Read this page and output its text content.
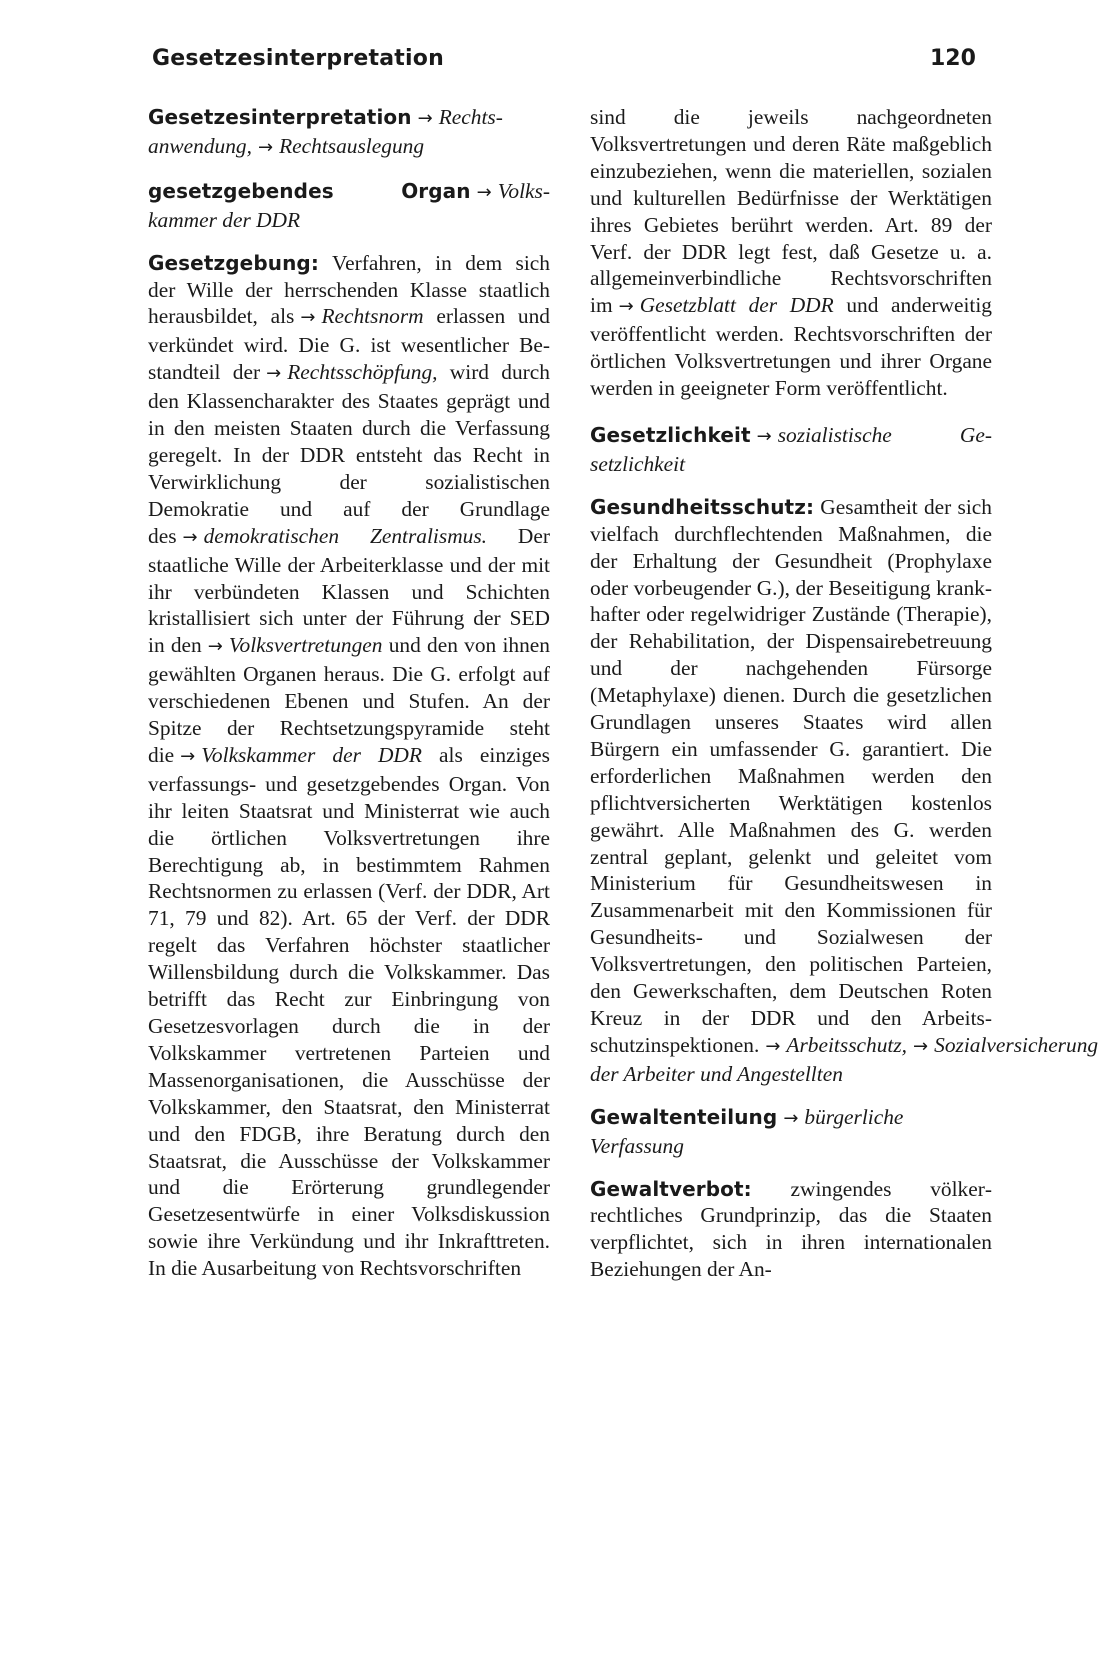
Gesetzesinterpretation	120

Gesetzesinterpretation → Rechtsanwendung, → Rechtsauslegung

gesetzgebendes Organ → Volkskammer der DDR

Gesetzgebung: Verfahren, in dem sich der Wille der herrschenden Klasse staatlich herausbildet, als → Rechtsnorm erlassen und verkündet wird. Die G. ist wesentlicher Bestandteil der → Rechtsschöpfung, wird durch den Klassencharakter des Staates geprägt und in den meisten Staaten durch die Verfassung geregelt. In der DDR entsteht das Recht in Verwirklichung der sozialistischen Demokratie und auf der Grundlage des → demokratischen Zentralismus. Der staatliche Wille der Arbeiterklasse und der mit ihr verbündeten Klassen und Schichten kristallisiert sich unter der Führung der SED in den → Volksvertretungen und den von ihnen gewählten Organen heraus. Die G. erfolgt auf verschiedenen Ebenen und Stufen. An der Spitze der Rechtsetzungspyramide steht die → Volkskammer der DDR als einziges verfassungs- und gesetzgebendes Organ. Von ihr leiten Staatsrat und Ministerrat wie auch die örtlichen Volksvertretungen ihre Berechtigung ab, in bestimmtem Rahmen Rechtsnormen zu erlassen (Verf. der DDR, Art 71, 79 und 82). Art. 65 der Verf. der DDR regelt das Verfahren höchster staatlicher Willensbildung durch die Volkskammer. Das betrifft das Recht zur Einbringung von Gesetzesvorlagen durch die in der Volkskammer vertretenen Parteien und Massenorganisationen, die Ausschüsse der Volkskammer, den Staatsrat, den Ministerrat und den FDGB, ihre Beratung durch den Staatsrat, die Ausschüsse der Volkskammer und die Erörterung grundlegender Gesetzesentwürfe in einer Volksdiskussion sowie ihre Verkündung und ihr Inkrafttreten. In die Ausarbeitung von Rechtsvorschriften

sind die jeweils nachgeordneten Volksvertretungen und deren Räte maßgeblich einzubeziehen, wenn die materiellen, sozialen und kulturellen Bedürfnisse der Werktätigen ihres Gebietes berührt werden. Art. 89 der Verf. der DDR legt fest, daß Gesetze u. a. allgemeinverbindliche Rechtsvorschriften im → Gesetzblatt der DDR und anderweitig veröffentlicht werden. Rechtsvorschriften der örtlichen Volksvertretungen und ihrer Organe werden in geeigneter Form veröffentlicht.

Gesetzlichkeit → sozialistische Gesetzlichkeit

Gesundheitsschutz: Gesamtheit der sich vielfach durchflechtenden Maßnahmen, die der Erhaltung der Gesundheit (Prophylaxe oder vorbeugender G.), der Beseitigung krankhafter oder regelwidriger Zustände (Therapie), der Rehabilitation, der Dispensairebetreuung und der nachgehenden Fürsorge (Metaphylaxe) dienen. Durch die gesetzlichen Grundlagen unseres Staates wird allen Bürgern ein umfassender G. garantiert. Die erforderlichen Maßnahmen werden den pflichtversicherten Werktätigen kostenlos gewährt. Alle Maßnahmen des G. werden zentral geplant, gelenkt und geleitet vom Ministerium für Gesundheitswesen in Zusammenarbeit mit den Kommissionen für Gesundheits- und Sozialwesen der Volksvertretungen, den politischen Parteien, den Gewerkschaften, dem Deutschen Roten Kreuz in der DDR und den Arbeitsschutzinspektionen. → Arbeitsschutz, → Sozialversicherung der Arbeiter und Angestellten

Gewaltenteilung → bürgerliche Verfassung

Gewaltverbot: zwingendes völkerrechtliches Grundprinzip, das die Staaten verpflichtet, sich in ihren internationalen Beziehungen der An-
